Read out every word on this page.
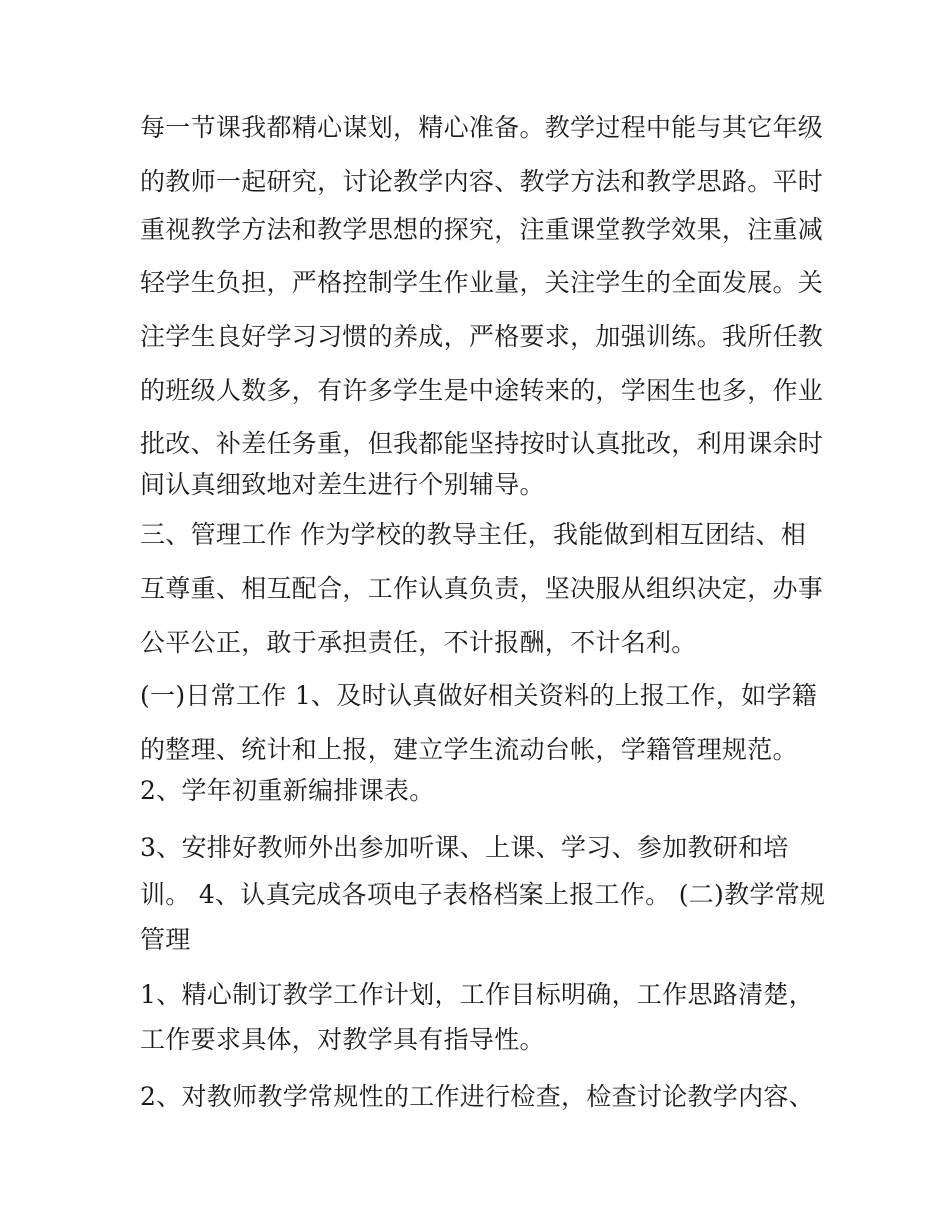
每一节课我都精心谋划，精心准备。教学过程中能与其它年级
的教师一起研究，讨论教学内容、教学方法和教学思路。平时
重视教学方法和教学思想的探究，注重课堂教学效果，注重减
轻学生负担，严格控制学生作业量，关注学生的全面发展。关
注学生良好学习习惯的养成，严格要求，加强训练。我所任教
的班级人数多，有许多学生是中途转来的，学困生也多，作业
批改、补差任务重，但我都能坚持按时认真批改，利用课余时
间认真细致地对差生进行个别辅导。
三、管理工作 作为学校的教导主任，我能做到相互团结、相
互尊重、相互配合，工作认真负责，坚决服从组织决定，办事
公平公正，敢于承担责任，不计报酬，不计名利。
(一)日常工作 1、及时认真做好相关资料的上报工作，如学籍
的整理、统计和上报，建立学生流动台帐，学籍管理规范。
2、学年初重新编排课表。
3、安排好教师外出参加听课、上课、学习、参加教研和培
训。 4、认真完成各项电子表格档案上报工作。 (二)教学常规
管理
1、精心制订教学工作计划，工作目标明确，工作思路清楚，
工作要求具体，对教学具有指导性。
2、对教师教学常规性的工作进行检查，检查讨论教学内容、
